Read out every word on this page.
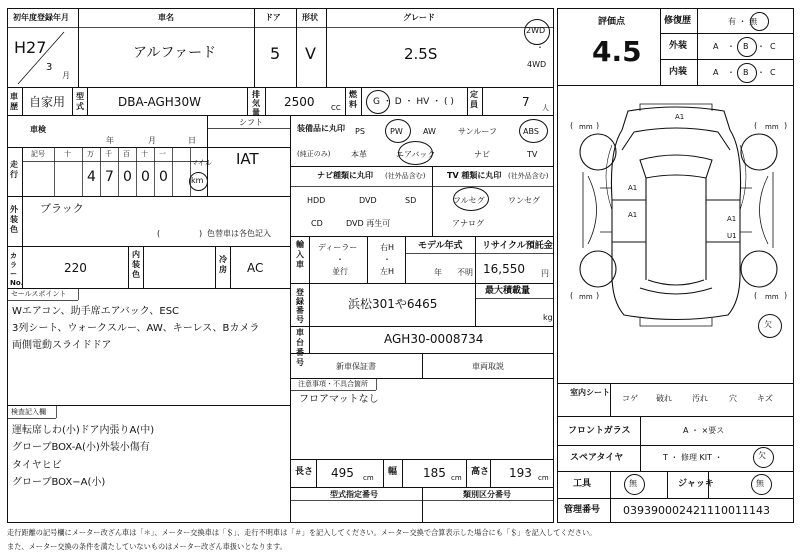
初年度登録年月
H27
3
月
車名
アルファード
ドア
5
形状
V
グレード
2.5S
2WD
・
4WD
車歴 自家用 型式	DBA-AGH30W
排気量
2500 CC
燃料 G ・ D ・ HV ・ ( )
定員	7 人
車検
年	月	日
シフト
IAT
走行
記号	十 万 千 百 十 一
4 7 0 0 0
マイル
km
外装色
ブラック
(	) 色替車は各色記入
カラーNo.
220
内装色
冷房 AC
セールスポイント
Wエアコン、助手席エアバック、ESC
3列シート、ウォークスルー、AW、キーレス、Bカメラ
両側電動スライドドア
検査記入欄
運転席しわ(小)ドア内張りA(中)
グローブBOX-A(小)外装小傷有
タイヤヒビ
グローブBOX−A(小)
装備品に丸印
(純正のみ)
PS	PW	AW	サンルーフ	ABS
本革	エアバック	ナビ	TV
ナビ種類に丸印 (社外品含む)
HDD	DVD	SD
CD	DVD 再生可
TV 種類に丸印 (社外品含む)
フルセグ	ワンセグ
アナログ
輸入車
ディーラー
・
並行
右H
・
左H
モデル年式
年 不明
リサイクル預託金
16,550 円
登録番号
浜松301や6465
最大積載量
kg
車台番号
AGH30-0008734
新車保証書	車両取説
注意事項・不具合箇所
フロアマットなし
長さ 495 cm
幅 185 cm
高さ 193 cm
型式指定番号	類別区分番号
評価点
4.5
修復歴	有 ・ 無
外装	A ・ B ・ C
内装	A ・ B ・ C
A1
A1
A1	A1
U1
( mm )	( mm )
( mm )	( mm )
欠
室内シート
コゲ 破れ	汚れ	穴	キズ
フロントガラス	A ・ ×要ス
スペアタイヤ	T ・ 修理 KIT ・	欠
工具	無	ジャッキ	無
管理番号 039390002421110011143
走行距離の記号欄にメーター改ざん車は「＊」、メーター交換車は「＄」、走行不明車は「＃」を記入してください。メーター交換で合算表示した場合にも「＄」を記入してください。
また、メーター交換の条件を満たしていないものはメーター改ざん車扱いとなります。
